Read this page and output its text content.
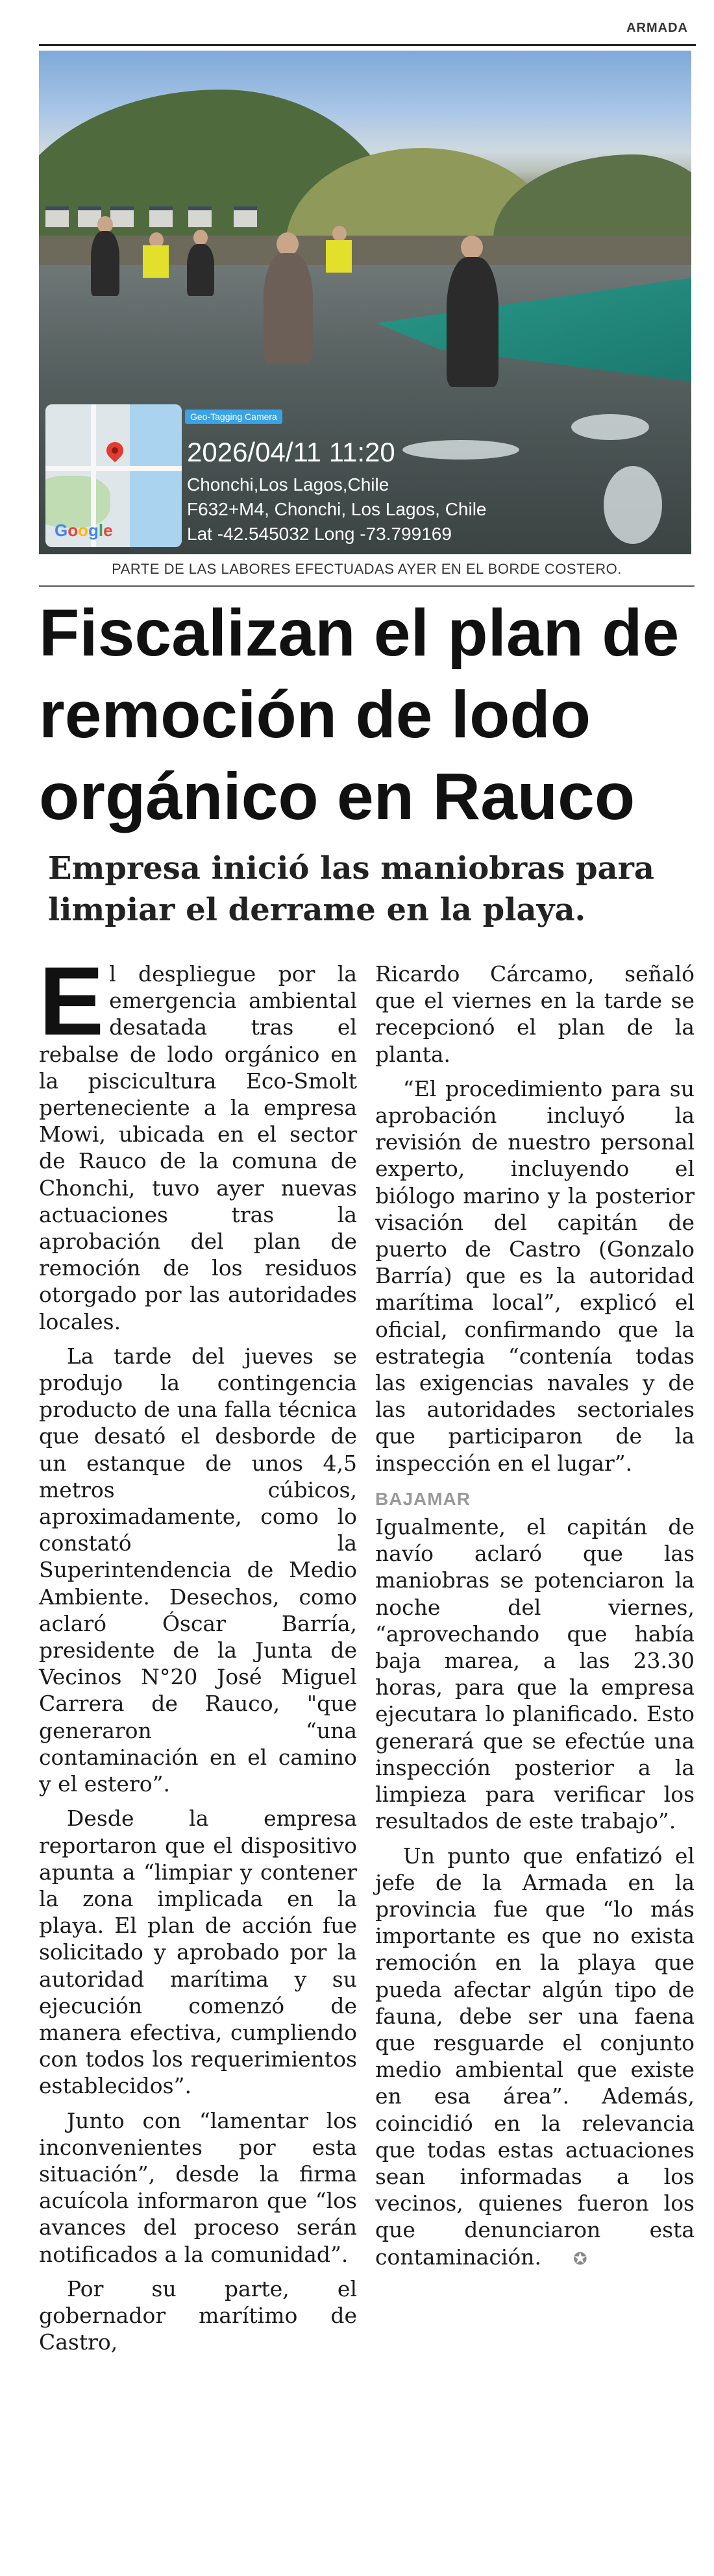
ARMADA
Google
Geo-Tagging Camera
2026/04/11 11:20
Chonchi,Los Lagos,Chile
F632+M4, Chonchi, Los Lagos, Chile
Lat -42.545032 Long -73.799169
PARTE DE LAS LABORES EFECTUADAS AYER EN EL BORDE COSTERO.
Fiscalizan el plan de
remoción de lodo
orgánico en Rauco
Empresa inició las maniobras para limpiar el derrame en la playa.

El despliegue por la emergencia ambiental desatada tras el rebalse de lodo orgánico en la piscicultura Eco-Smolt perteneciente a la empresa Mowi, ubicada en el sector de Rauco de la comuna de Chonchi, tuvo ayer nuevas actuaciones tras la aprobación del plan de remoción de los residuos otorgado por las autoridades locales.

La tarde del jueves se produjo la contingencia producto de una falla técnica que desató el desborde de un estanque de unos 4,5 metros cúbicos, aproximadamente, como lo constató la Superintendencia de Medio Ambiente. Desechos, como aclaró Óscar Barría, presidente de la Junta de Vecinos N°20 José Miguel Carrera de Rauco, "que generaron “una contaminación en el camino y el estero”.

Desde la empresa reportaron que el dispositivo apunta a “limpiar y contener la zona implicada en la playa. El plan de acción fue solicitado y aprobado por la autoridad marítima y su ejecución comenzó de manera efectiva, cumpliendo con todos los requerimientos establecidos”.

Junto con “lamentar los inconvenientes por esta situación”, desde la firma acuícola informaron que “los avances del proceso serán notificados a la comunidad”.

Por su parte, el gobernador marítimo de Castro,

Ricardo Cárcamo, señaló que el viernes en la tarde se recepcionó el plan de la planta.

“El procedimiento para su aprobación incluyó la revisión de nuestro personal experto, incluyendo el biólogo marino y la posterior visación del capitán de puerto de Castro (Gonzalo Barría) que es la autoridad marítima local”, explicó el oficial, confirmando que la estrategia “contenía todas las exigencias navales y de las autoridades sectoriales que participaron de la inspección en el lugar”.

BAJAMAR

Igualmente, el capitán de navío aclaró que las maniobras se potenciaron la noche del viernes, “aprovechando que había baja marea, a las 23.30 horas, para que la empresa ejecutara lo planificado. Esto generará que se efectúe una inspección posterior a la limpieza para verificar los resultados de este trabajo”.

Un punto que enfatizó el jefe de la Armada en la provincia fue que “lo más importante es que no exista remoción en la playa que pueda afectar algún tipo de fauna, debe ser una faena que resguarde el conjunto medio ambiental que existe en esa área”. Además, coincidió en la relevancia que todas estas actuaciones sean informadas a los vecinos, quienes fueron los que denunciaron esta contaminación. ✪
